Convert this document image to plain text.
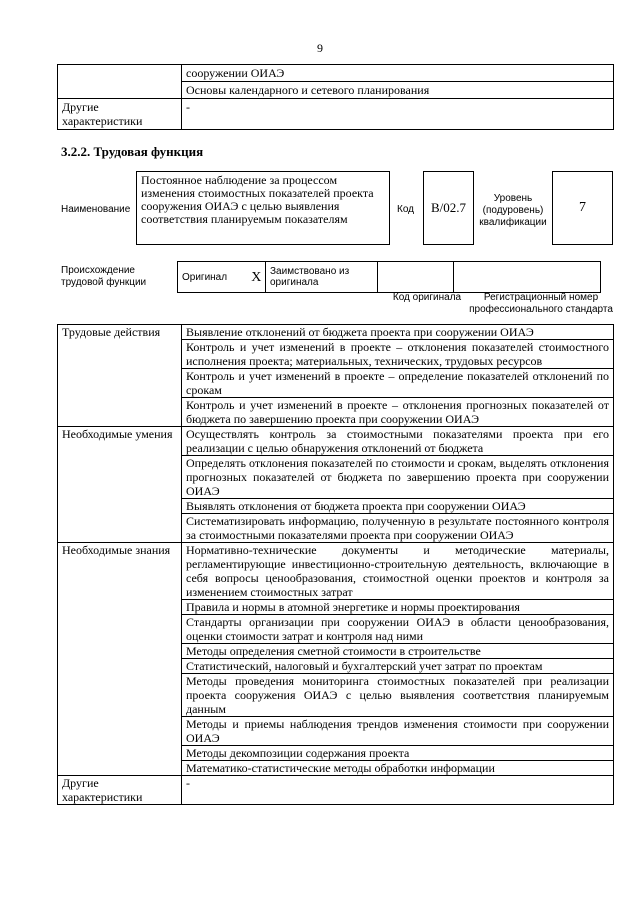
9
	сооружении ОИАЭ
	Основы календарного и сетевого планирования
Другие характеристики	-
3.2.2. Трудовая функция
Наименование
Постоянное наблюдение за процессом изменения стоимостных показателей проекта сооружения ОИАЭ с целью выявления соответствия планируемым показателям
Код	В/02.7
Уровень (подуровень) квалификации
7
Происхождение трудовой функции	Оригинал	X	Заимствовано из оригинала		
Код оригинала	Регистрационный номер профессионального стандарта
Трудовые действия	Выявление отклонений от бюджета проекта при сооружении ОИАЭ
	Контроль и учет изменений в проекте – отклонения показателей стоимостного исполнения проекта; материальных, технических, трудовых ресурсов
	Контроль и учет изменений в проекте – определение показателей отклонений по срокам
	Контроль и учет изменений в проекте – отклонения прогнозных показателей от бюджета по завершению проекта при сооружении ОИАЭ
Необходимые умения	Осуществлять контроль за стоимостными показателями проекта при его реализации с целью обнаружения отклонений от бюджета
	Определять отклонения показателей по стоимости и срокам, выделять отклонения прогнозных показателей от бюджета по завершению проекта при сооружении ОИАЭ
	Выявлять отклонения от бюджета проекта при сооружении ОИАЭ
	Систематизировать информацию, полученную в результате постоянного контроля за стоимостными показателями проекта при сооружении ОИАЭ
Необходимые знания	Нормативно-технические документы и методические материалы, регламентирующие инвестиционно-строительную деятельность, включающие в себя вопросы ценообразования, стоимостной оценки проектов и контроля за изменением стоимостных затрат
	Правила и нормы в атомной энергетике и нормы проектирования
	Стандарты организации при сооружении ОИАЭ в области ценообразования, оценки стоимости затрат и контроля над ними
	Методы определения сметной стоимости в строительстве
	Статистический, налоговый и бухгалтерский учет затрат по проектам
	Методы проведения мониторинга стоимостных показателей при реализации проекта сооружения ОИАЭ с целью выявления соответствия планируемым данным
	Методы и приемы наблюдения трендов изменения стоимости при сооружении ОИАЭ
	Методы декомпозиции содержания проекта
	Математико-статистические методы обработки информации
Другие характеристики	-
